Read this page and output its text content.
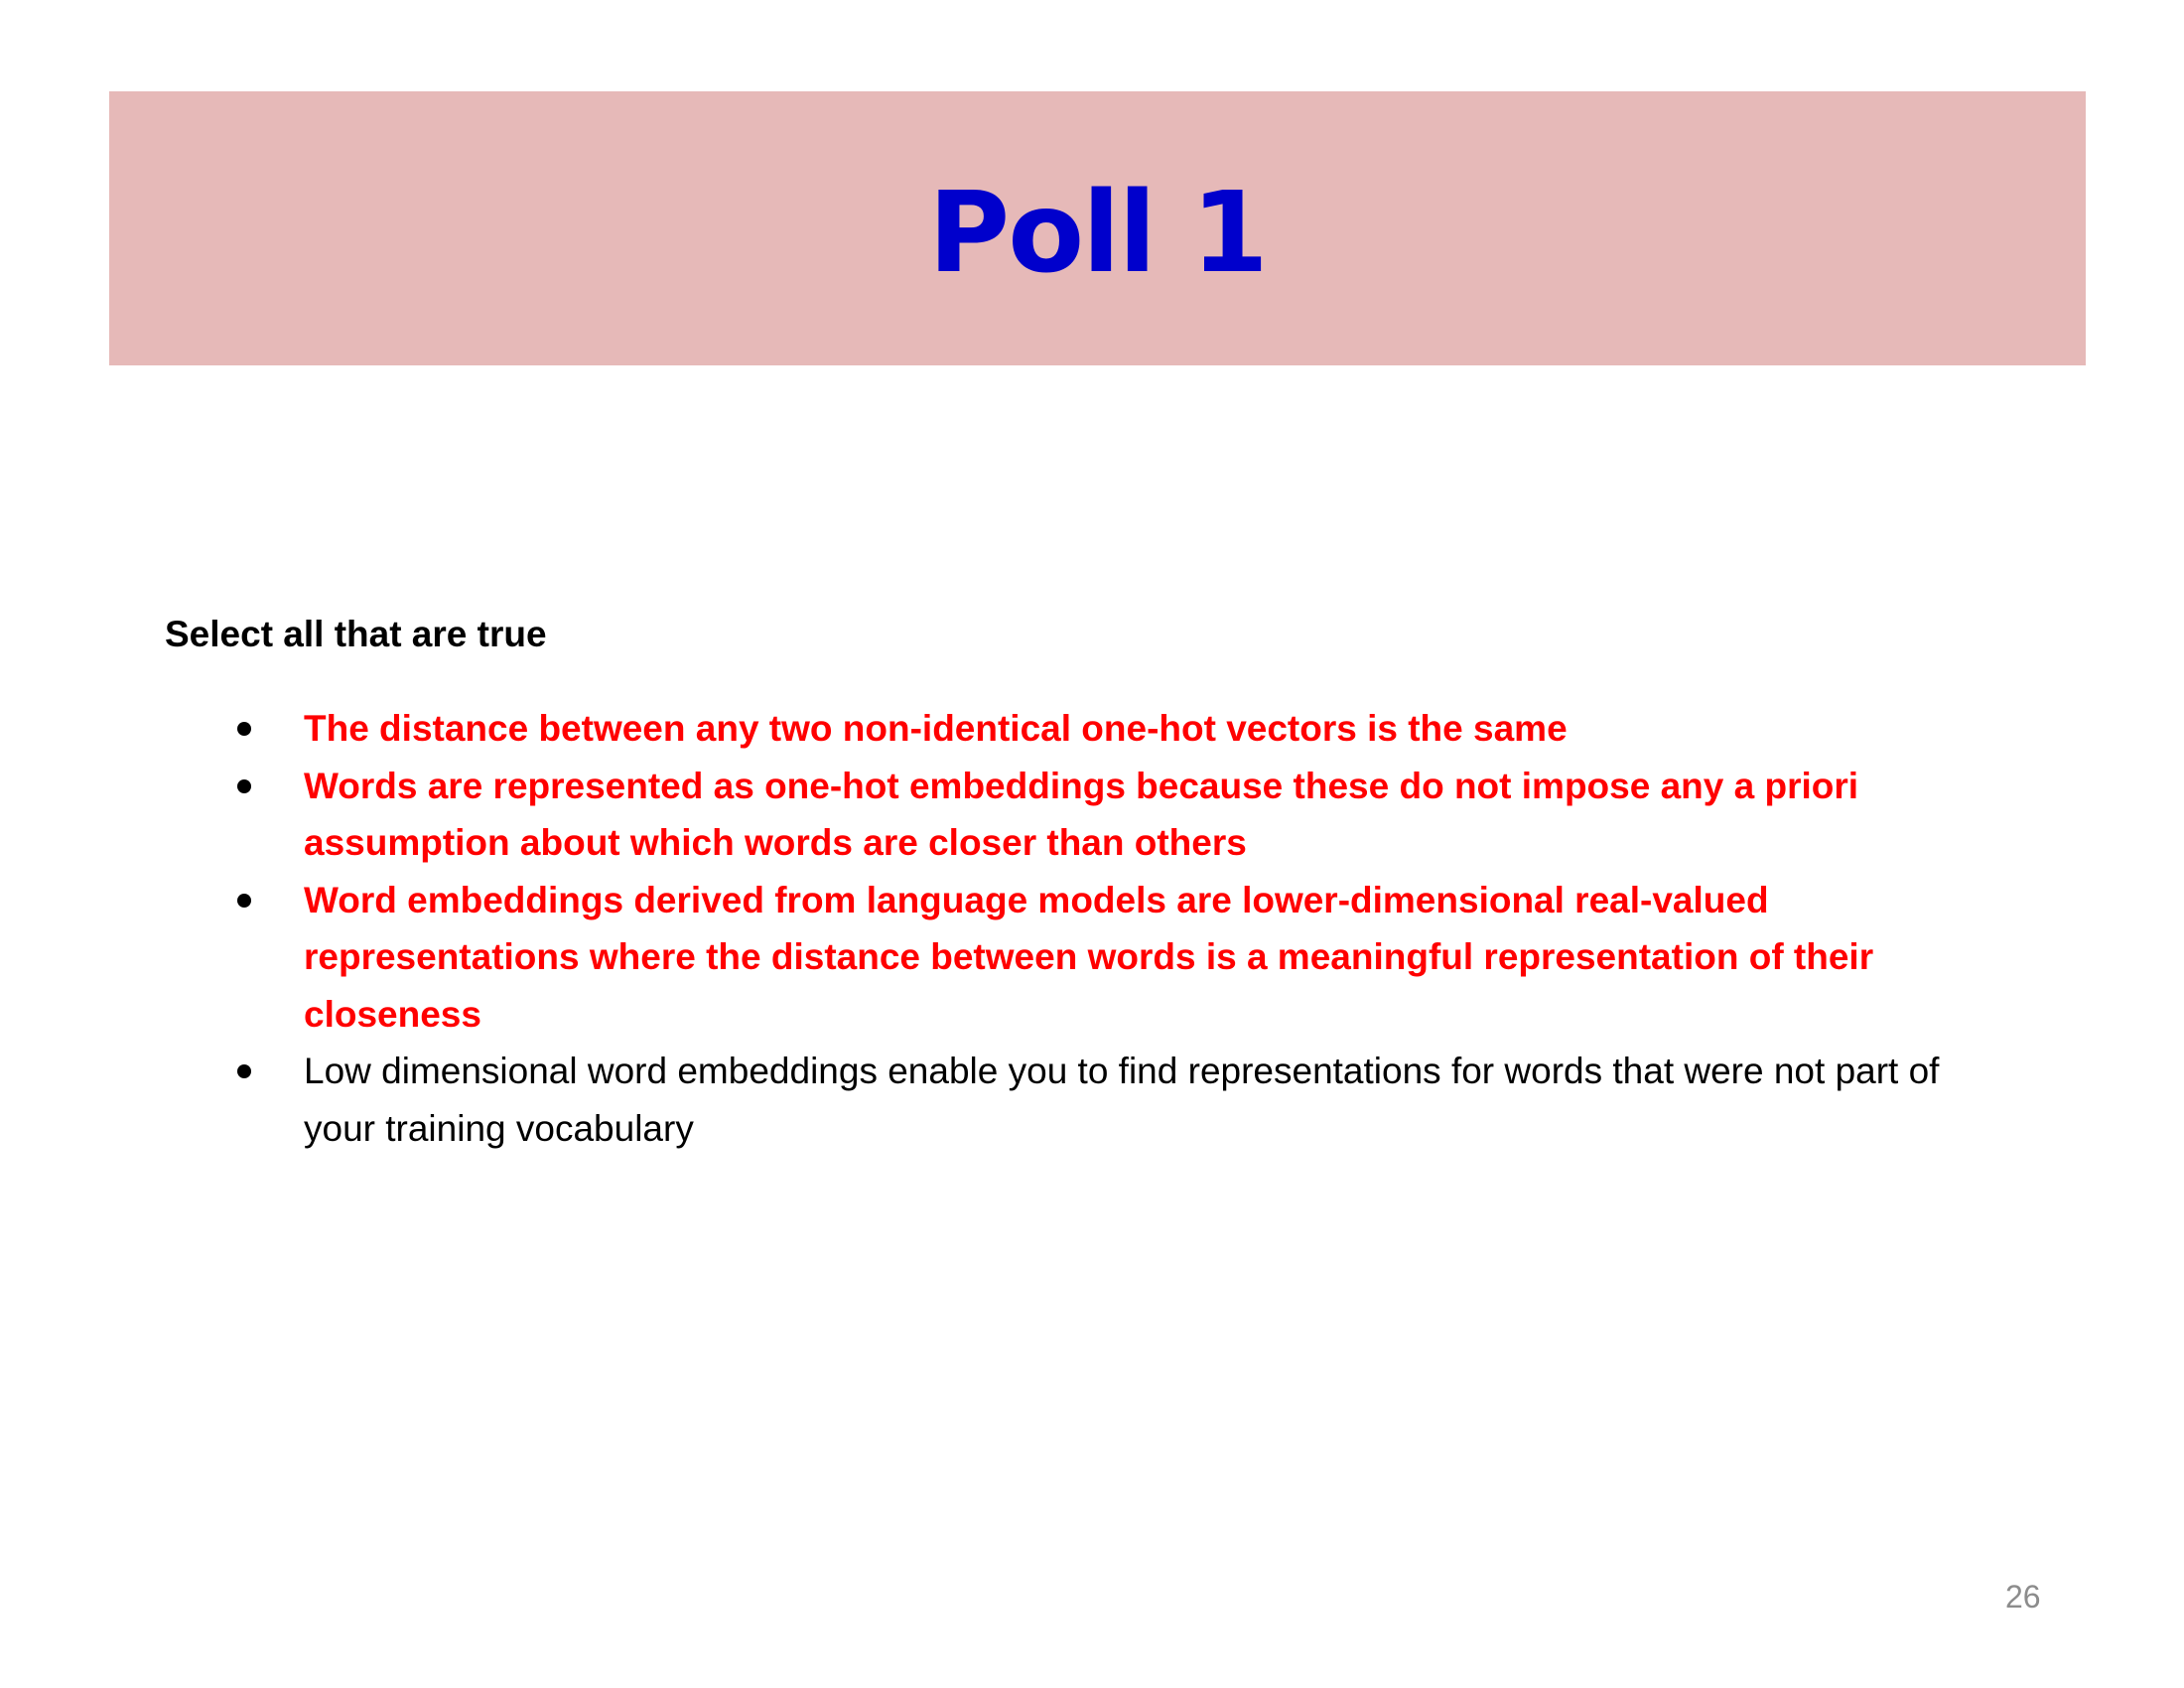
Poll 1

Select all that are true

The distance between any two non-identical one-hot vectors is the same
Words are represented as one-hot embeddings because these do not impose any a priori assumption about which words are closer than others
Word embeddings derived from language models are lower-dimensional real-valued representations where the distance between words is a meaningful representation of their closeness
Low dimensional word embeddings enable you to find representations for words that were not part of your training vocabulary
26
